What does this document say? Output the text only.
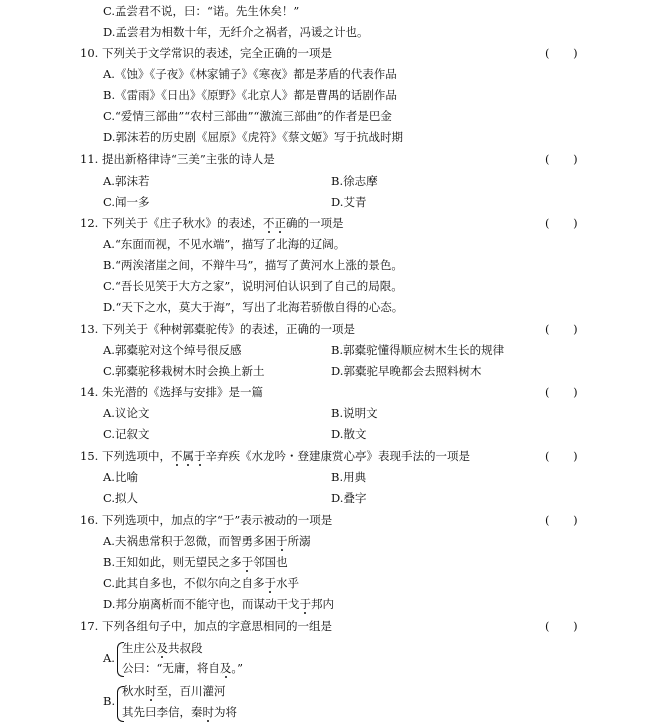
C.孟尝君不说，曰：“诺。先生休矣！”
D.孟尝君为相数十年，无纤介之祸者，冯谖之计也。
10. 下列关于文学常识的表述，完全正确的一项是	( )
A.《蚀》《子夜》《林家铺子》《寒夜》都是茅盾的代表作品
B.《雷雨》《日出》《原野》《北京人》都是曹禺的话剧作品
C.“爱情三部曲”“农村三部曲”“激流三部曲”的作者是巴金
D.郭沫若的历史剧《屈原》《虎符》《蔡文姬》写于抗战时期
11. 提出新格律诗“三美”主张的诗人是	( )
A.郭沫若	B.徐志摩
C.闻一多	D.艾青
12. 下列关于《庄子秋水》的表述，不正确的一项是	( )
A.“东面而视，不见水端”，描写了北海的辽阔。
B.“两涘渚崖之间，不辩牛马”，描写了黄河水上涨的景色。
C.“吾长见笑于大方之家”，说明河伯认识到了自己的局限。
D.“天下之水，莫大于海”，写出了北海若骄傲自得的心态。
13. 下列关于《种树郭橐驼传》的表述，正确的一项是	( )
A.郭橐驼对这个绰号很反感	B.郭橐驼懂得顺应树木生长的规律
C.郭橐驼移栽树木时会换上新土	D.郭橐驼早晚都会去照料树木
14. 朱光潜的《选择与安排》是一篇	( )
A.议论文	B.说明文
C.记叙文	D.散文
15. 下列选项中，不属于辛弃疾《水龙吟・登建康赏心亭》表现手法的一项是	( )
A.比喻	B.用典
C.拟人	D.叠字
16. 下列选项中，加点的字“于”表示被动的一项是	( )
A.夫祸患常积于忽微，而智勇多困于所溺
B.王知如此，则无望民之多于邻国也
C.此其自多也，不似尔向之自多于水乎
D.邦分崩离析而不能守也，而谋动干戈于邦内
17. 下列各组句子中，加点的字意思相同的一组是	( )
A.
生庄公及共叔段
公曰：“无庸，将自及。”
B.
秋水时至，百川灌河
其先曰李信，秦时为将
